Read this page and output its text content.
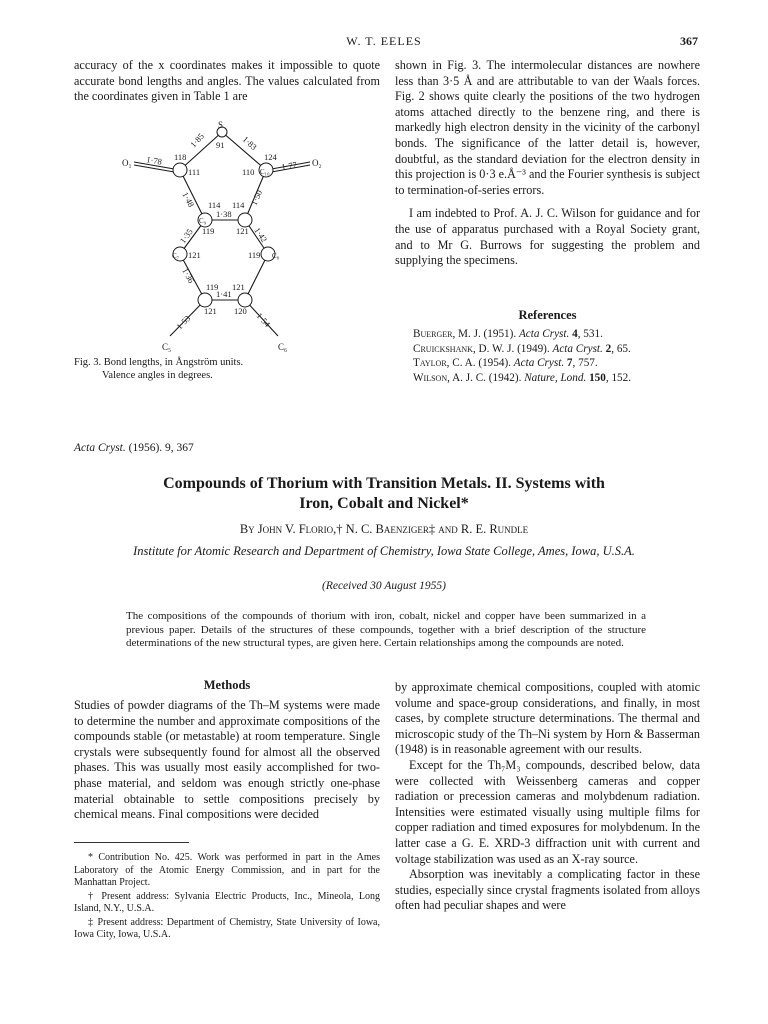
W. T. EELES	367

accuracy of the x coordinates makes it impossible to quote accurate bond lengths and angles. The values calculated from the coordinates given in Table 1 are

S
O₁	O₂
C₁₀
C₉
C₈
C₇
C₆
C₅
1·85	1·83
1·78	1·77
1·48	1·50
1·38
1·35	1·42
1·41
1·53	1·54
1·36
91
118	124
111	110
114 114
119	121
121	119
119 121
121 120
Fig. 3. Bond lengths, in Ångström units.
Valence angles in degrees.

shown in Fig. 3. The intermolecular distances are nowhere less than 3·5 Å and are attributable to van der Waals forces. Fig. 2 shows quite clearly the positions of the two hydrogen atoms attached directly to the benzene ring, and there is markedly high electron density in the vicinity of the carbonyl bonds. The significance of the latter detail is, however, doubtful, as the standard deviation for the electron density in this projection is 0·3 e.Å⁻³ and the Fourier synthesis is subject to termination-of-series errors.

I am indebted to Prof. A. J. C. Wilson for guidance and for the use of apparatus purchased with a Royal Society grant, and to Mr G. Burrows for suggesting the problem and supplying the specimens.

References
Buerger, M. J. (1951). Acta Cryst. 4, 531.
Cruickshank, D. W. J. (1949). Acta Cryst. 2, 65.
Taylor, C. A. (1954). Acta Cryst. 7, 757.
Wilson, A. J. C. (1942). Nature, Lond. 150, 152.
Acta Cryst. (1956). 9, 367
Compounds of Thorium with Transition Metals. II. Systems with
Iron, Cobalt and Nickel*
By John V. Florio,† N. C. Baenziger‡ and R. E. Rundle
Institute for Atomic Research and Department of Chemistry, Iowa State College, Ames, Iowa, U.S.A.
(Received 30 August 1955)
The compositions of the compounds of thorium with iron, cobalt, nickel and copper have been summarized in a previous paper. Details of the structures of these compounds, together with a brief description of the structure determinations of the new structural types, are given here. Certain relationships among the compounds are noted.
Methods

Studies of powder diagrams of the Th–M systems were made to determine the number and approximate compositions of the compounds stable (or metastable) at room temperature. Single crystals were subsequently found for almost all the observed phases. This was usually most easily accomplished for two-phase material, and seldom was enough strictly one-phase material obtainable to settle compositions precisely by chemical means. Final compositions were decided

by approximate chemical compositions, coupled with atomic volume and space-group considerations, and finally, in most cases, by complete structure determinations. The thermal and microscopic study of the Th–Ni system by Horn & Basserman (1948) is in reasonable agreement with our results.

Except for the Th₇M₃ compounds, described below, data were collected with Weissenberg cameras and copper radiation or precession cameras and molybdenum radiation. Intensities were estimated visually using multiple films for copper radiation and timed exposures for molybdenum. In the latter case a G. E. XRD-3 diffraction unit with current and voltage stabilization was used as an X-ray source.

Absorption was inevitably a complicating factor in these studies, especially since crystal fragments isolated from alloys often had peculiar shapes and were

* Contribution No. 425. Work was performed in part in the Ames Laboratory of the Atomic Energy Commission, and in part for the Manhattan Project.

† Present address: Sylvania Electric Products, Inc., Mineola, Long Island, N.Y., U.S.A.

‡ Present address: Department of Chemistry, State University of Iowa, Iowa City, Iowa, U.S.A.
